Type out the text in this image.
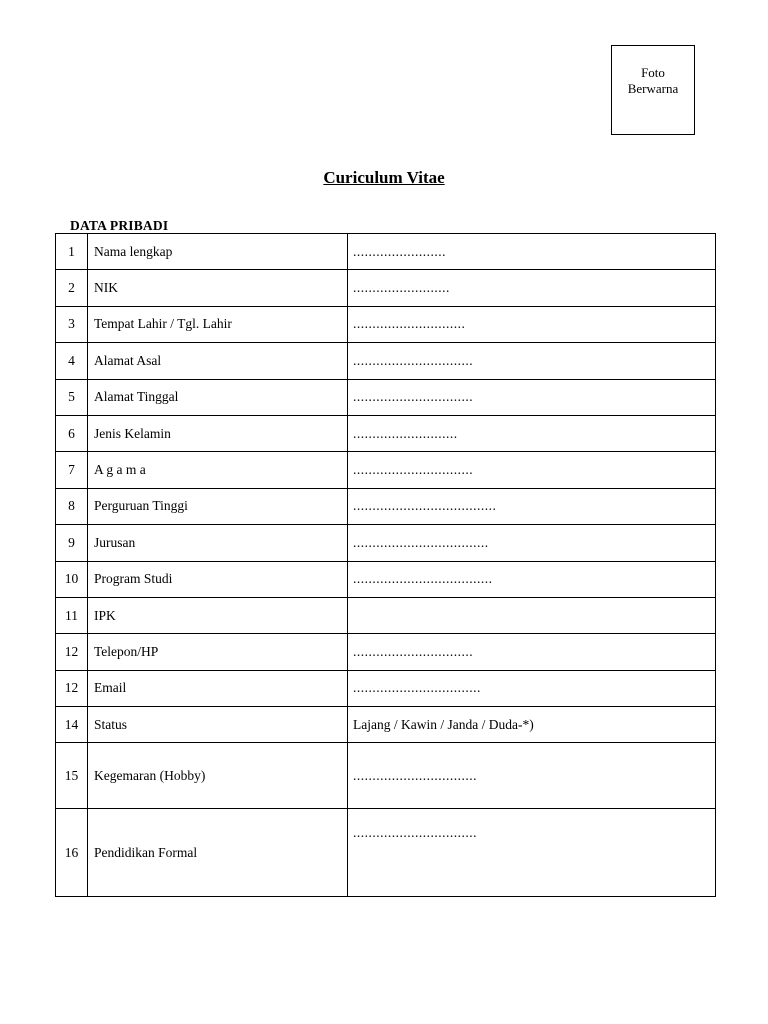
Foto
Berwarna
Curiculum Vitae
DATA PRIBADI
1	Nama lengkap	........................
2	NIK	.........................
3	Tempat Lahir / Tgl. Lahir	.............................
4	Alamat Asal	...............................
5	Alamat Tinggal	...............................
6	Jenis Kelamin	...........................
7	A g a m a	...............................
8	Perguruan Tinggi	.....................................
9	Jurusan	...................................
10	Program Studi	....................................
11	IPK	
12	Telepon/HP	...............................
12	Email	.................................
14	Status	Lajang / Kawin / Janda / Duda-*)
15	Kegemaran (Hobby)	................................
16	Pendidikan Formal	................................
